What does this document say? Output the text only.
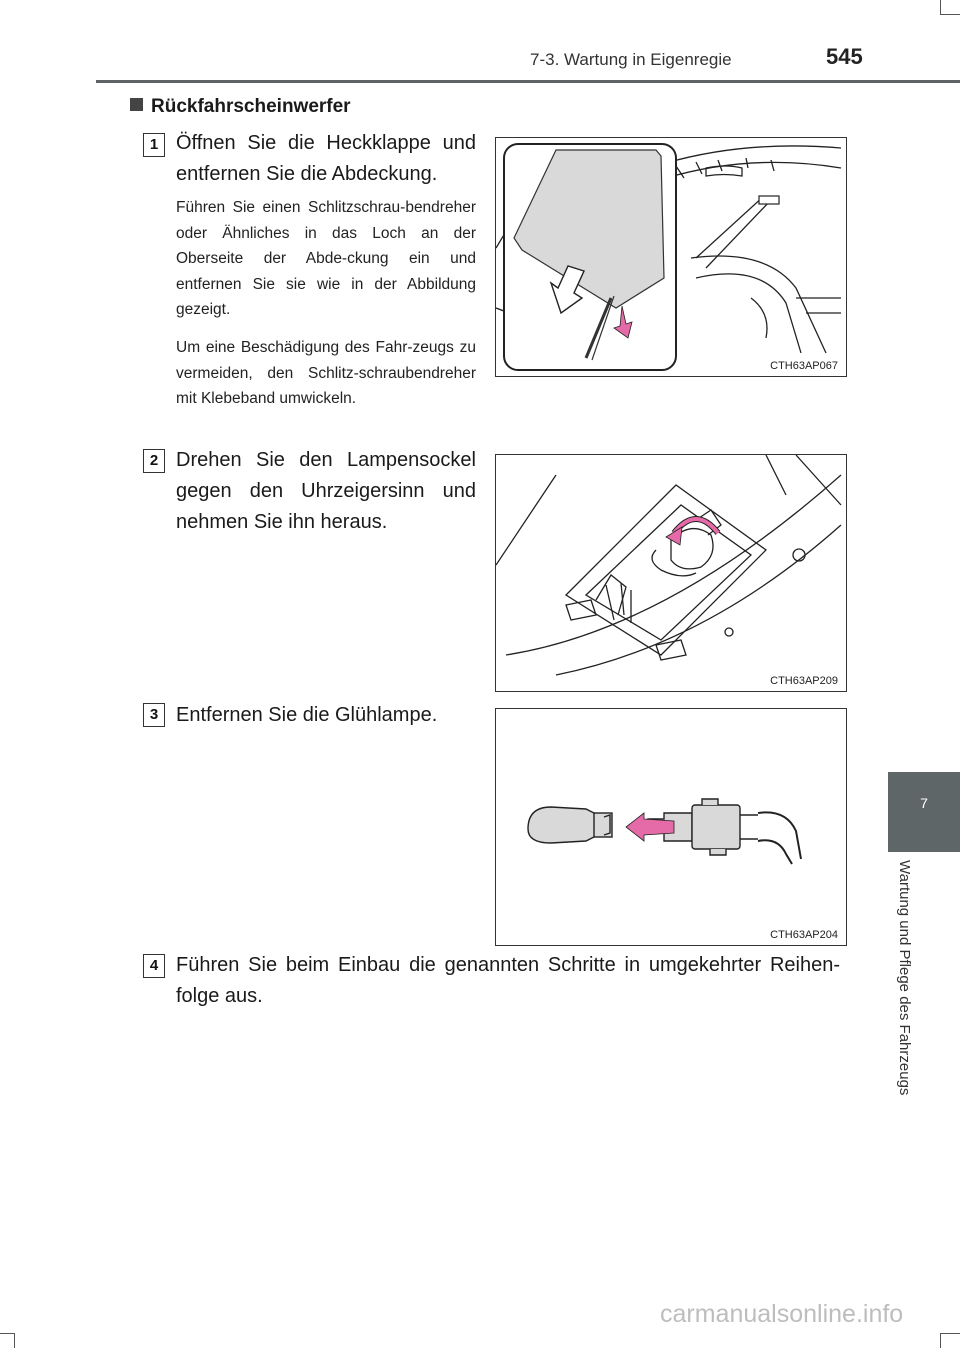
7-3. Wartung in Eigenregie	545
7
Wartung und Pflege des Fahrzeugs
Rückfahrscheinwerfer
1 Öffnen Sie die Heckklappe und entfernen Sie die Abdeckung.
Führen Sie einen Schlitzschrau-bendreher oder Ähnliches in das Loch an der Oberseite der Abde-ckung ein und entfernen Sie sie wie in der Abbildung gezeigt.
Um eine Beschädigung des Fahr-zeugs zu vermeiden, den Schlitz-schraubendreher mit Klebeband umwickeln.
CTH63AP067
2 Drehen Sie den Lampensockel gegen den Uhrzeigersinn und nehmen Sie ihn heraus.
CTH63AP209
3 Entfernen Sie die Glühlampe.
CTH63AP204
4 Führen Sie beim Einbau die genannten Schritte in umgekehrter Reihen-folge aus.
carmanualsonline.info
